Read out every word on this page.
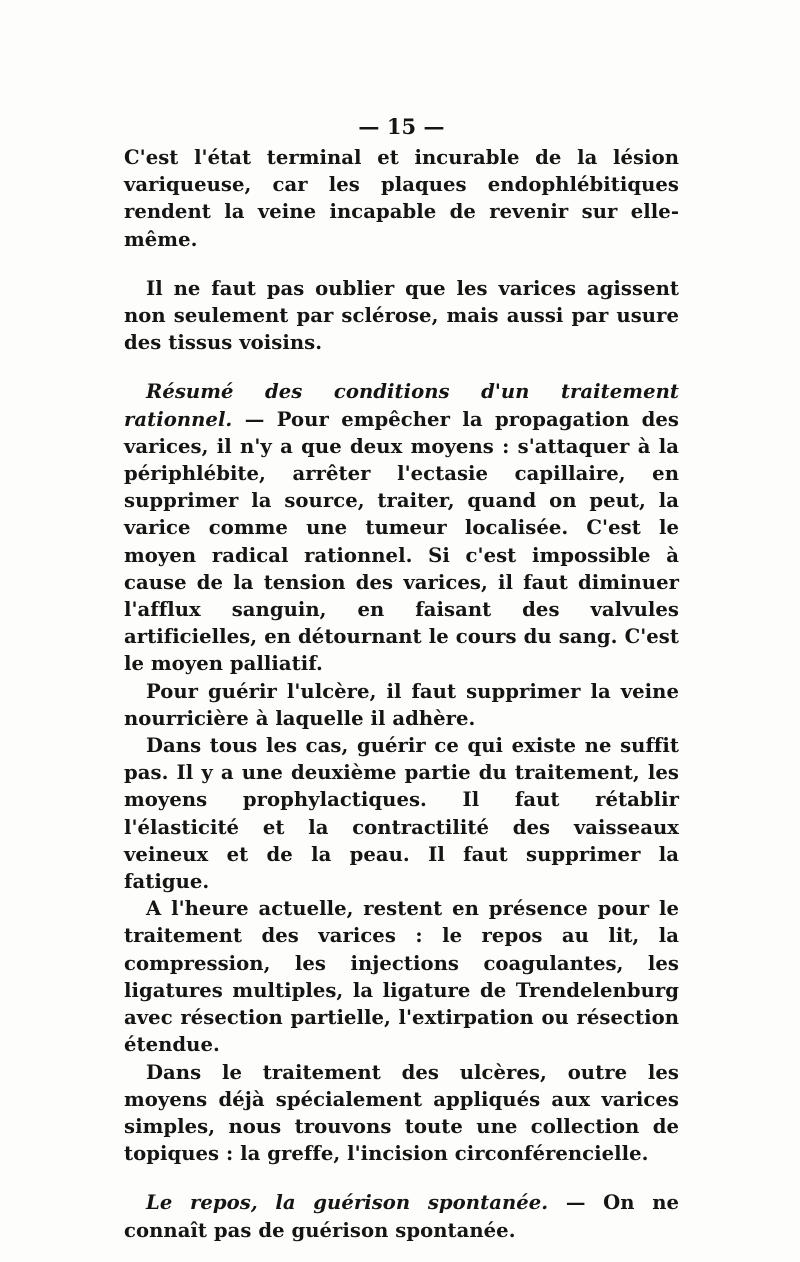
— 15 —

C'est l'état terminal et incurable de la lésion variqueuse, car les plaques endophlébitiques rendent la veine incapable de revenir sur elle-même.

Il ne faut pas oublier que les varices agissent non seulement par sclérose, mais aussi par usure des tissus voisins.

Résumé des conditions d'un traitement rationnel. — Pour empêcher la propagation des varices, il n'y a que deux moyens : s'attaquer à la périphlébite, arrêter l'ectasie capillaire, en supprimer la source, traiter, quand on peut, la varice comme une tumeur localisée. C'est le moyen radical rationnel. Si c'est impossible à cause de la tension des varices, il faut diminuer l'afflux sanguin, en faisant des valvules artificielles, en détournant le cours du sang. C'est le moyen palliatif.

Pour guérir l'ulcère, il faut supprimer la veine nourricière à laquelle il adhère.

Dans tous les cas, guérir ce qui existe ne suffit pas. Il y a une deuxième partie du traitement, les moyens prophylactiques. Il faut rétablir l'élasticité et la contractilité des vaisseaux veineux et de la peau. Il faut supprimer la fatigue.

A l'heure actuelle, restent en présence pour le traitement des varices : le repos au lit, la compression, les injections coagulantes, les ligatures multiples, la ligature de Trendelenburg avec résection partielle, l'extirpation ou résection étendue.

Dans le traitement des ulcères, outre les moyens déjà spécialement appliqués aux varices simples, nous trouvons toute une collection de topiques : la greffe, l'incision circonférencielle.

Le repos, la guérison spontanée. — On ne connaît pas de guérison spontanée.
